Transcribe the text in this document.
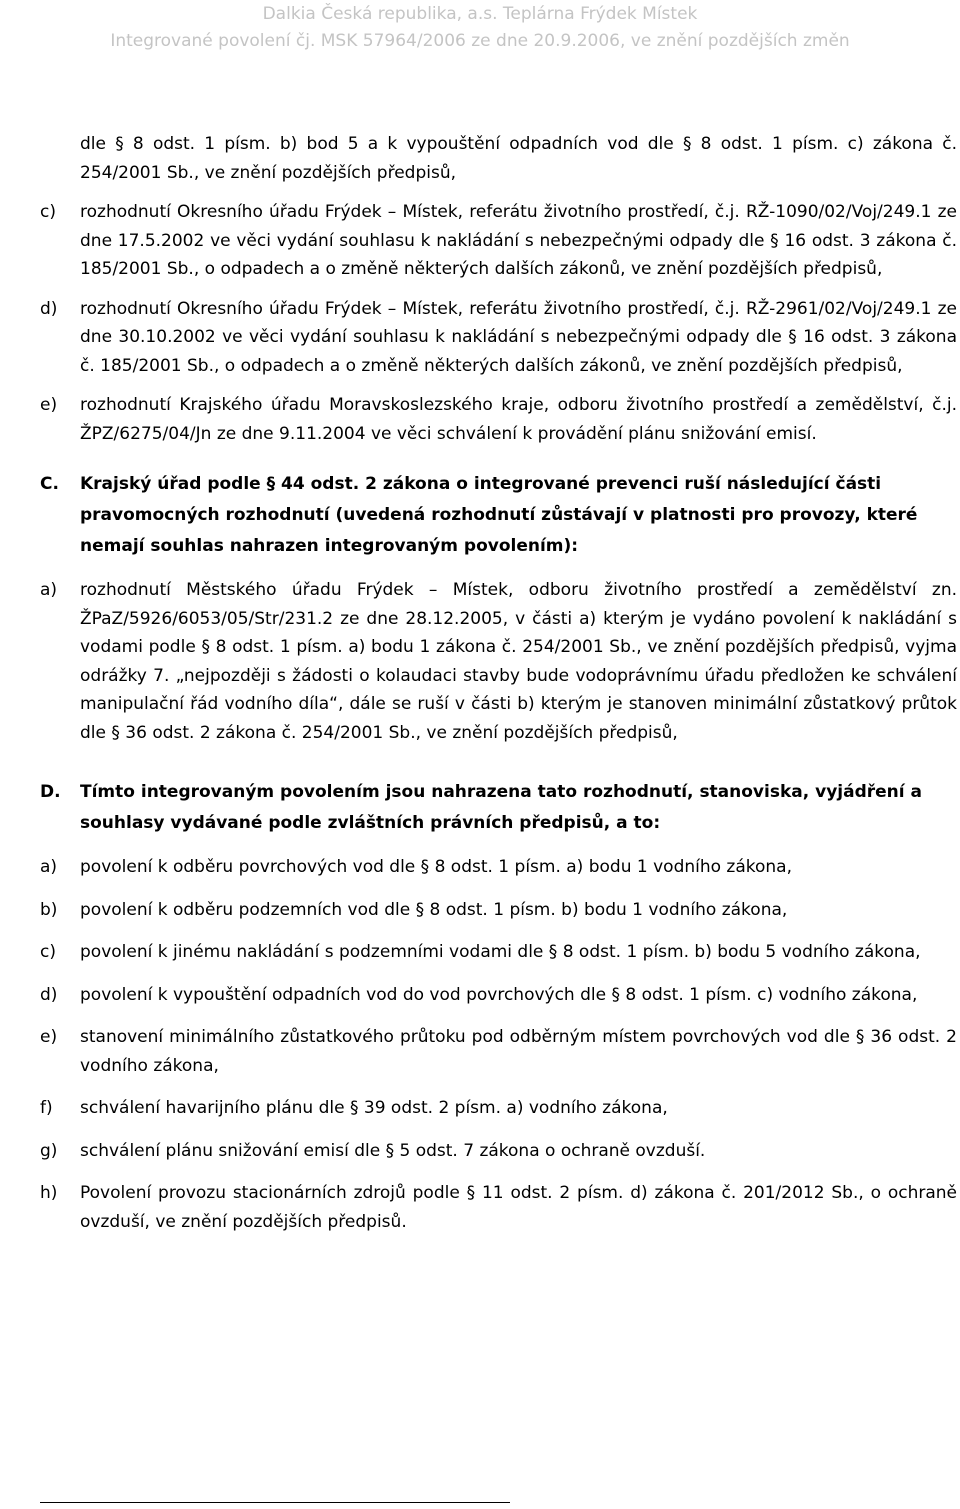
Dalkia Česká republika, a.s. Teplárna Frýdek Místek
Integrované povolení čj. MSK 57964/2006 ze dne 20.9.2006, ve znění pozdějších změn
dle § 8 odst. 1 písm. b) bod 5 a k vypouštění odpadních vod dle § 8 odst. 1 písm. c) zákona č. 254/2001 Sb., ve znění pozdějších předpisů,
c)	rozhodnutí Okresního úřadu Frýdek – Místek, referátu životního prostředí, č.j. RŽ-1090/02/Voj/249.1 ze dne 17.5.2002 ve věci vydání souhlasu k nakládání s nebezpečnými odpady dle § 16 odst. 3 zákona č. 185/2001 Sb., o odpadech a o změně některých dalších zákonů, ve znění pozdějších předpisů,
d)	rozhodnutí Okresního úřadu Frýdek – Místek, referátu životního prostředí, č.j. RŽ-2961/02/Voj/249.1 ze dne 30.10.2002 ve věci vydání souhlasu k nakládání s nebezpečnými odpady dle § 16 odst. 3 zákona č. 185/2001 Sb., o odpadech a o změně některých dalších zákonů, ve znění pozdějších předpisů,
e)	rozhodnutí Krajského úřadu Moravskoslezského kraje, odboru životního prostředí a zemědělství, č.j. ŽPZ/6275/04/Jn ze dne 9.11.2004 ve věci schválení k provádění plánu snižování emisí.
C.	Krajský úřad podle § 44 odst. 2 zákona o integrované prevenci ruší následující části pravomocných rozhodnutí (uvedená rozhodnutí zůstávají v platnosti pro provozy, které nemají souhlas nahrazen integrovaným povolením):
a)	rozhodnutí Městského úřadu Frýdek – Místek, odboru životního prostředí a zemědělství zn. ŽPaZ/5926/6053/05/Str/231.2 ze dne 28.12.2005, v části a) kterým je vydáno povolení k nakládání s vodami podle § 8 odst. 1 písm. a) bodu 1 zákona č. 254/2001 Sb., ve znění pozdějších předpisů, vyjma odrážky 7. „nejpozději s žádosti o kolaudaci stavby bude vodoprávnímu úřadu předložen ke schválení manipulační řád vodního díla“, dále se ruší v části b) kterým je stanoven minimální zůstatkový průtok dle § 36 odst. 2 zákona č. 254/2001 Sb., ve znění pozdějších předpisů,
D.	Tímto integrovaným povolením jsou nahrazena tato rozhodnutí, stanoviska, vyjádření a souhlasy vydávané podle zvláštních právních předpisů, a to:
a)	povolení k odběru povrchových vod dle § 8 odst. 1 písm. a) bodu 1 vodního zákona,
b)	povolení k odběru podzemních vod dle § 8 odst. 1 písm. b) bodu 1 vodního zákona,
c)	povolení k jinému nakládání s podzemními vodami dle § 8 odst. 1 písm. b) bodu 5 vodního zákona,
d)	povolení k vypouštění odpadních vod do vod povrchových dle § 8 odst. 1 písm. c) vodního zákona,
e)	stanovení minimálního zůstatkového průtoku pod odběrným místem povrchových vod dle § 36 odst. 2 vodního zákona,
f)	schválení havarijního plánu dle § 39 odst. 2 písm. a) vodního zákona,
g)	schválení plánu snižování emisí dle § 5 odst. 7 zákona o ochraně ovzduší.
h)	Povolení provozu stacionárních zdrojů podle § 11 odst. 2 písm. d) zákona č. 201/2012 Sb., o ochraně ovzduší, ve znění pozdějších předpisů.
